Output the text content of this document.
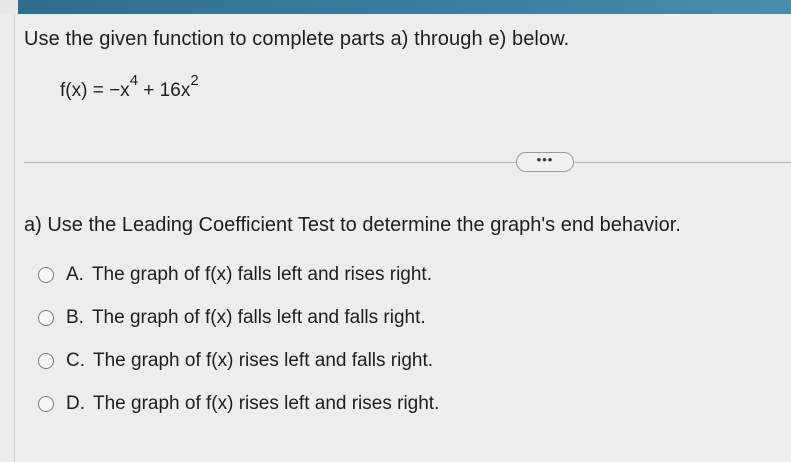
Use the given function to complete parts a) through e) below.
$f(x) = -x^4 + 16x^2$
•••
a) Use the Leading Coefficient Test to determine the graph's end behavior.
A. The graph of f(x) falls left and rises right.
B. The graph of f(x) falls left and falls right.
C. The graph of f(x) rises left and falls right.
D. The graph of f(x) rises left and rises right.
